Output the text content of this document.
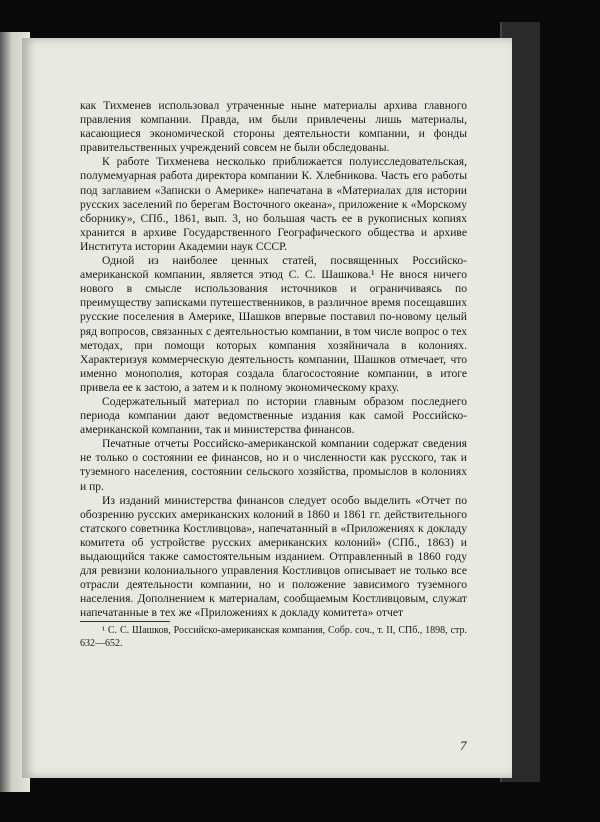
как Тихменев использовал утраченные ныне материалы архива главного правления компании. Правда, им были привлечены лишь материалы, касающиеся экономической стороны деятельности компании, и фонды правительственных учреждений совсем не были обследованы.

К работе Тихменева несколько приближается полуисследовательская, полумемуарная работа директора компании К. Хлебникова. Часть его работы под заглавием «Записки о Америке» напечатана в «Материалах для истории русских заселений по берегам Восточного океана», приложение к «Морскому сборнику», СПб., 1861, вып. 3, но большая часть ее в рукописных копиях хранится в архиве Государственного Географического общества и архиве Института истории Академии наук СССР.

Одной из наиболее ценных статей, посвященных Российско-американской компании, является этюд С. С. Шашкова.¹ Не внося ничего нового в смысле использования источников и ограничиваясь по преимуществу записками путешественников, в различное время посещавших русские поселения в Америке, Шашков впервые поставил по-новому целый ряд вопросов, связанных с деятельностью компании, в том числе вопрос о тех методах, при помощи которых компания хозяйничала в колониях. Характеризуя коммерческую деятельность компании, Шашков отмечает, что именно монополия, которая создала благосостояние компании, в итоге привела ее к застою, а затем и к полному экономическому краху.

Содержательный материал по истории главным образом последнего периода компании дают ведомственные издания как самой Российско-американской компании, так и министерства финансов.

Печатные отчеты Российско-американской компании содержат сведения не только о состоянии ее финансов, но и о численности как русского, так и туземного населения, состоянии сельского хозяйства, промыслов в колониях и пр.

Из изданий министерства финансов следует особо выделить «Отчет по обозрению русских американских колоний в 1860 и 1861 гг. действительного статского советника Костливцова», напечатанный в «Приложениях к докладу комитета об устройстве русских американских колоний» (СПб., 1863) и выдающийся также самостоятельным изданием. Отправленный в 1860 году для ревизии колониального управления Костливцов описывает не только все отрасли деятельности компании, но и положение зависимого туземного населения. Дополнением к материалам, сообщаемым Костливцовым, служат напечатанные в тех же «Приложениях к докладу комитета» отчет

¹ С. С. Шашков, Российско-американская компания, Собр. соч., т. II, СПб., 1898, стр. 632—652.

7
